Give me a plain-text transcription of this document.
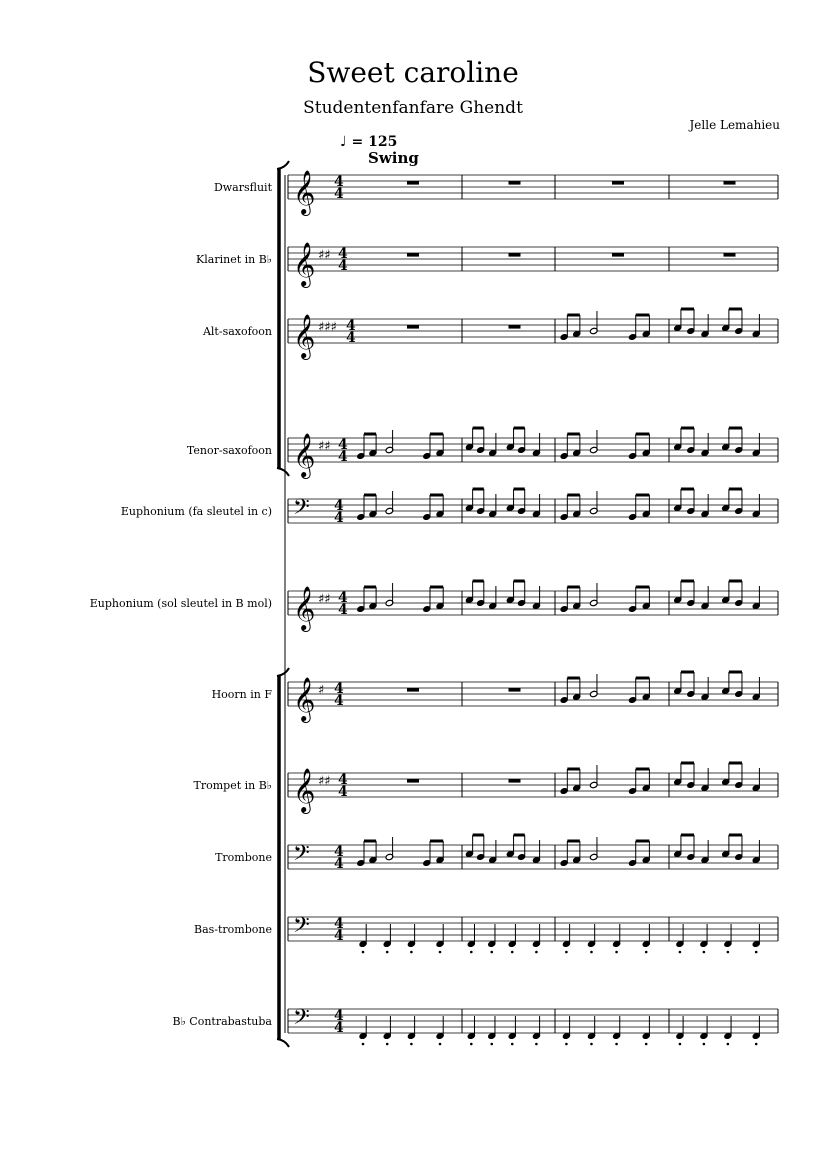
Sweet caroline
Studentenfanfare Ghendt
Jelle Lemahieu
♩ = 125
Swing
Dwarsfluit 𝄞 4
4
Klarinet in B♭ 𝄞 ♯♯ 4
4
Alt-saxofoon 𝄞 ♯♯♯ 4
4
Tenor-saxofoon 𝄞 ♯♯ 4
4
Euphonium (fa sleutel in c) 𝄢 4
4
Euphonium (sol sleutel in B mol) 𝄞 ♯♯ 4
4
Hoorn in F 𝄞 ♯ 4
4
Trompet in B♭ 𝄞 ♯♯ 4
4
Trombone 𝄢 4
4
Bas-trombone 𝄢 4
4
B♭ Contrabastuba 𝄢 4
4
